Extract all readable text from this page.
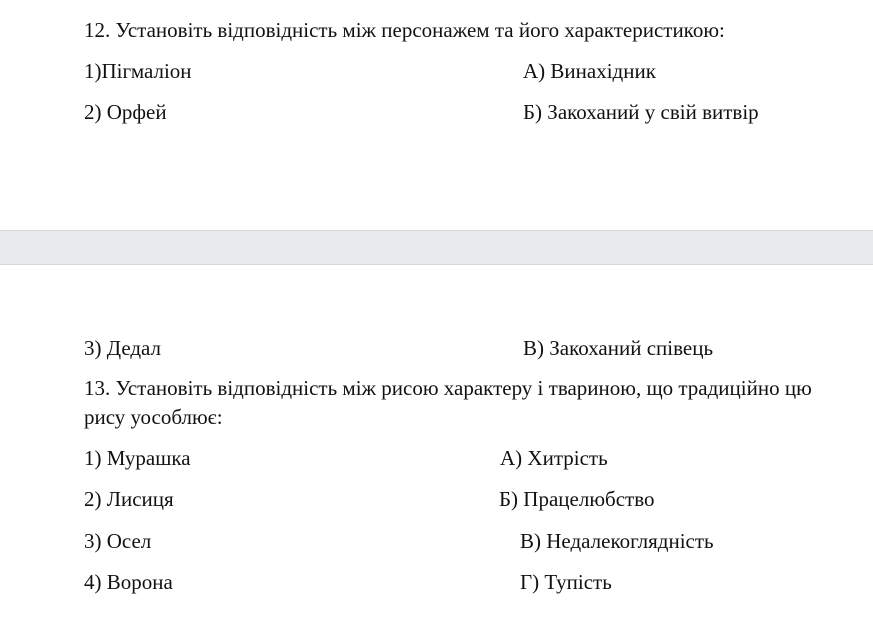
12. Установіть відповідність між персонажем та його характеристикою:
1)Пігмаліон	А) Винахідник
2) Орфей	Б) Закоханий у свій витвір
3) Дедал	В) Закоханий співець
13. Установіть відповідність між рисою характеру і твариною, що традиційно цю
рису уособлює:
1) Мурашка	А) Хитрість
2) Лисиця	Б) Працелюбство
3) Осел	В) Недалекоглядність
4) Ворона	Г) Тупість
